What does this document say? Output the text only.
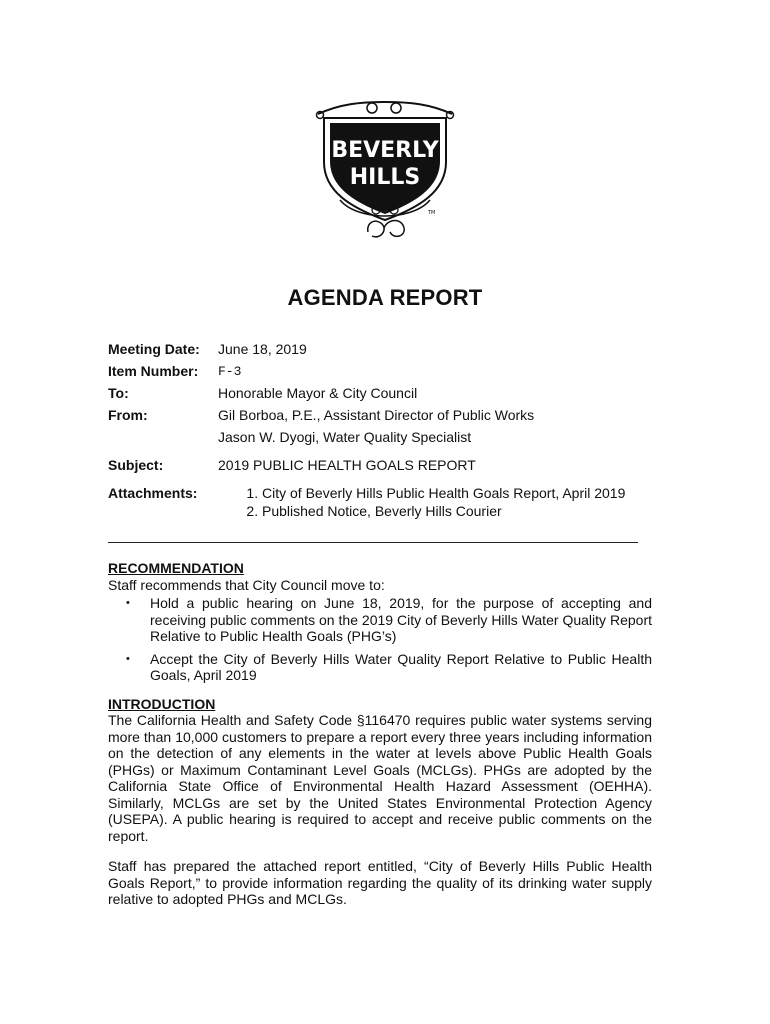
BEVERLY
HILLS
TM
AGENDA REPORT
Meeting Date:	June 18, 2019
Item Number:	F-3
To:	Honorable Mayor & City Council
From:	Gil Borboa, P.E., Assistant Director of Public Works
Jason W. Dyogi, Water Quality Specialist
Subject:	2019 PUBLIC HEALTH GOALS REPORT
Attachments:
1.	City of Beverly Hills Public Health Goals Report, April 2019
2. Published Notice, Beverly Hills Courier

RECOMMENDATION

Staff recommends that City Council move to:

• Hold a public hearing on June 18, 2019, for the purpose of accepting and receiving public comments on the 2019 City of Beverly Hills Water Quality Report Relative to Public Health Goals (PHG’s)
• Accept the City of Beverly Hills Water Quality Report Relative to Public Health Goals, April 2019

INTRODUCTION

The California Health and Safety Code §116470 requires public water systems serving more than 10,000 customers to prepare a report every three years including information on the detection of any elements in the water at levels above Public Health Goals (PHGs) or Maximum Contaminant Level Goals (MCLGs). PHGs are adopted by the California State Office of Environmental Health Hazard Assessment (OEHHA). Similarly, MCLGs are set by the United States Environmental Protection Agency (USEPA). A public hearing is required to accept and receive public comments on the report.

Staff has prepared the attached report entitled, “City of Beverly Hills Public Health Goals Report,” to provide information regarding the quality of its drinking water supply relative to adopted PHGs and MCLGs.
